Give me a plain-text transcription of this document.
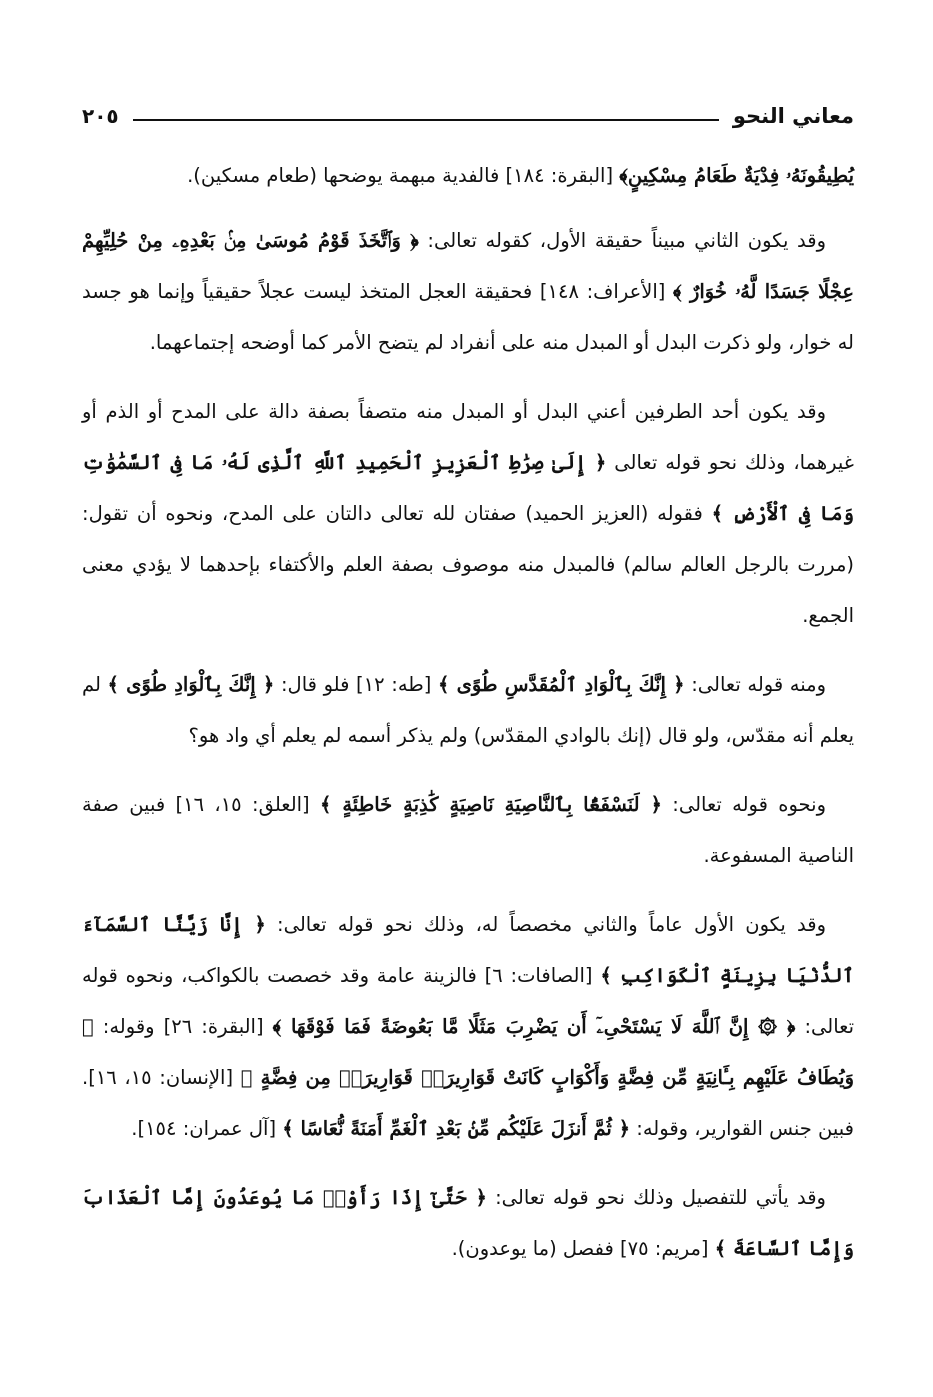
معاني النحو
٢٠٥

يُطِيقُونَهُۥ فِدْيَةٌ طَعَامُ مِسْكِينٍ﴾ [البقرة: ١٨٤] فالفدية مبهمة يوضحها (طعام مسكين).

وقد يكون الثاني مبيناً حقيقة الأول، كقوله تعالى: ﴿ وَٱتَّخَذَ قَوْمُ مُوسَىٰ مِنۢ بَعْدِهِۦ مِنْ حُلِيِّهِمْ عِجْلًا جَسَدًا لَّهُۥ خُوَارٌ ﴾ [الأعراف: ١٤٨] فحقيقة العجل المتخذ ليست عجلاً حقيقياً وإنما هو جسد له خوار، ولو ذكرت البدل أو المبدل منه على أنفراد لم يتضح الأمر كما أوضحه إجتماعهما.

وقد يكون أحد الطرفين أعني البدل أو المبدل منه متصفاً بصفة دالة على المدح أو الذم أو غيرهما، وذلك نحو قوله تعالى ﴿ إِلَىٰ صِرَٰطِ ٱلْعَزِيزِ ٱلْحَمِيدِ ٱللَّهِ ٱلَّذِى لَهُۥ مَا فِى ٱلسَّمَٰوَٰتِ وَمَا فِى ٱلْأَرْضِ ﴾ فقوله (العزيز الحميد) صفتان لله تعالى دالتان على المدح، ونحوه أن تقول: (مررت بالرجل العالم سالم) فالمبدل منه موصوف بصفة العلم والأكتفاء بإحدهما لا يؤدي معنى الجمع.

ومنه قوله تعالى: ﴿ إِنَّكَ بِٱلْوَادِ ٱلْمُقَدَّسِ طُوًى ﴾ [طه: ١٢] فلو قال: ﴿ إِنَّكَ بِٱلْوَادِ طُوًى ﴾ لم يعلم أنه مقدّس، ولو قال (إنك بالوادي المقدّس) ولم يذكر أسمه لم يعلم أي واد هو؟

ونحوه قوله تعالى: ﴿ لَنَسْفَعًۢا بِٱلنَّاصِيَةِ نَاصِيَةٍ كَٰذِبَةٍ خَاطِئَةٍ ﴾ [العلق: ١٥، ١٦] فبين صفة الناصية المسفوعة.

وقد يكون الأول عاماً والثاني مخصصاً له، وذلك نحو قوله تعالى: ﴿ إِنَّا زَيَّنَّا ٱلسَّمَآءَ ٱلدُّنْيَا بِزِينَةٍ ٱلْكَوَاكِبِ ﴾ [الصافات: ٦] فالزينة عامة وقد خصصت بالكواكب، ونحوه قوله تعالى: ﴿ ۞ إِنَّ ٱللَّهَ لَا يَسْتَحْىِۦٓ أَن يَضْرِبَ مَثَلًا مَّا بَعُوضَةً فَمَا فَوْقَهَا ﴾ [البقرة: ٢٦] وقوله: ﴿ وَيُطَافُ عَلَيْهِم بِـَٔانِيَةٍ مِّن فِضَّةٍ وَأَكْوَابٍ كَانَتْ قَوَارِيرَا۠ قَوَارِيرَا۟ مِن فِضَّةٍ ﴾ [الإنسان: ١٥، ١٦]. فبين جنس القوارير، وقوله: ﴿ ثُمَّ أَنزَلَ عَلَيْكُم مِّنۢ بَعْدِ ٱلْغَمِّ أَمَنَةً نُّعَاسًا ﴾ [آل عمران: ١٥٤].

وقد يأتي للتفصيل وذلك نحو قوله تعالى: ﴿ حَتَّىٰٓ إِذَا رَأَوْا۟ مَا يُوعَدُونَ إِمَّا ٱلْعَذَابَ وَإِمَّا ٱلسَّاعَةَ ﴾ [مريم: ٧٥] ففصل (ما يوعدون).
